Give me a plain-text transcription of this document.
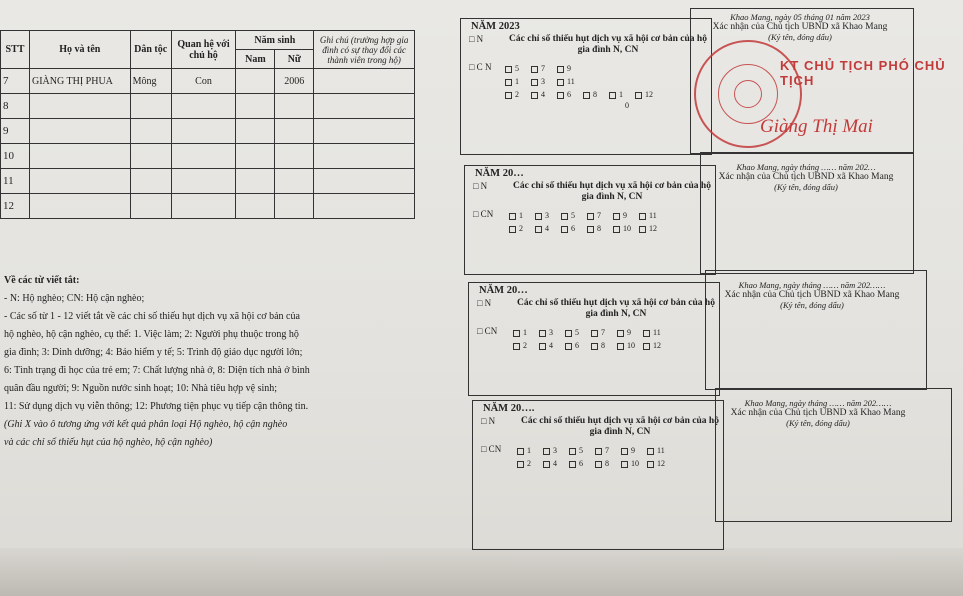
STT	Họ và tên	Dân tộc	Quan hệ với chủ hộ	Năm sinh		Ghi chú (trường hợp gia đình có sự thay đổi các thành viên trong hộ)
				Nam	Nữ	
7	GIÀNG THỊ PHUA	Mông	Con		2006	
8						
9						
10						
11						
12						
Về các từ viết tắt:
- N: Hộ nghèo; CN: Hộ cận nghèo;
- Các số từ 1 - 12 viết tắt về các chỉ số thiếu hụt dịch vụ xã hội cơ bản của
hộ nghèo, hộ cận nghèo, cụ thể: 1. Việc làm; 2: Người phụ thuộc trong hộ
gia đình; 3: Dinh dưỡng; 4: Bảo hiểm y tế; 5: Trình độ giáo dục người lớn;
6: Tình trạng đi học của trẻ em; 7: Chất lượng nhà ở, 8: Diện tích nhà ở bình
quân đầu người; 9: Nguồn nước sinh hoạt; 10: Nhà tiêu hợp vệ sinh;
11: Sử dụng dịch vụ viễn thông; 12: Phương tiện phục vụ tiếp cận thông tin.
(Ghi X vào ô tương ứng với kết quả phân loại Hộ nghèo, hộ cận nghèo
và các chỉ số thiếu hụt của hộ nghèo, hộ cận nghèo)
NĂM 2023
□ N	Các chỉ số thiếu hụt dịch vụ xã hội cơ bản của hộ gia đình N, CN
□ C N	5	7	9
1	3	11
2	4	6	8	1	12
0
Khao Mang, ngày 05 tháng 01 năm 2023
Xác nhận của Chủ tịch UBND xã Khao Mang
(Ký tên, đóng dấu)
NĂM 20…
□ N	Các chỉ số thiếu hụt dịch vụ xã hội cơ bản của hộ gia đình N, CN
□ CN	1	3	5	7	9	11
2	4	6	8	10	12
Khao Mang, ngày tháng …… năm 202…
Xác nhận của Chủ tịch UBND xã Khao Mang
(Ký tên, đóng dấu)
NĂM 20…
□ N	Các chỉ số thiếu hụt dịch vụ xã hội cơ bản của hộ gia đình N, CN
□ CN	1	3	5	7	9	11
2	4	6	8	10	12
Khao Mang, ngày tháng …… năm 202……
Xác nhận của Chủ tịch UBND xã Khao Mang
(Ký tên, đóng dấu)
NĂM 20….
□ N	Các chỉ số thiếu hụt dịch vụ xã hội cơ bản của hộ gia đình N, CN
□ CN	1	3	5	7	9	11
2	4	6	8	10	12
Khao Mang, ngày tháng …… năm 202……
Xác nhận của Chủ tịch UBND xã Khao Mang
(Ký tên, đóng dấu)
KT CHỦ TỊCH PHÓ CHỦ TỊCH
Giàng Thị Mai
